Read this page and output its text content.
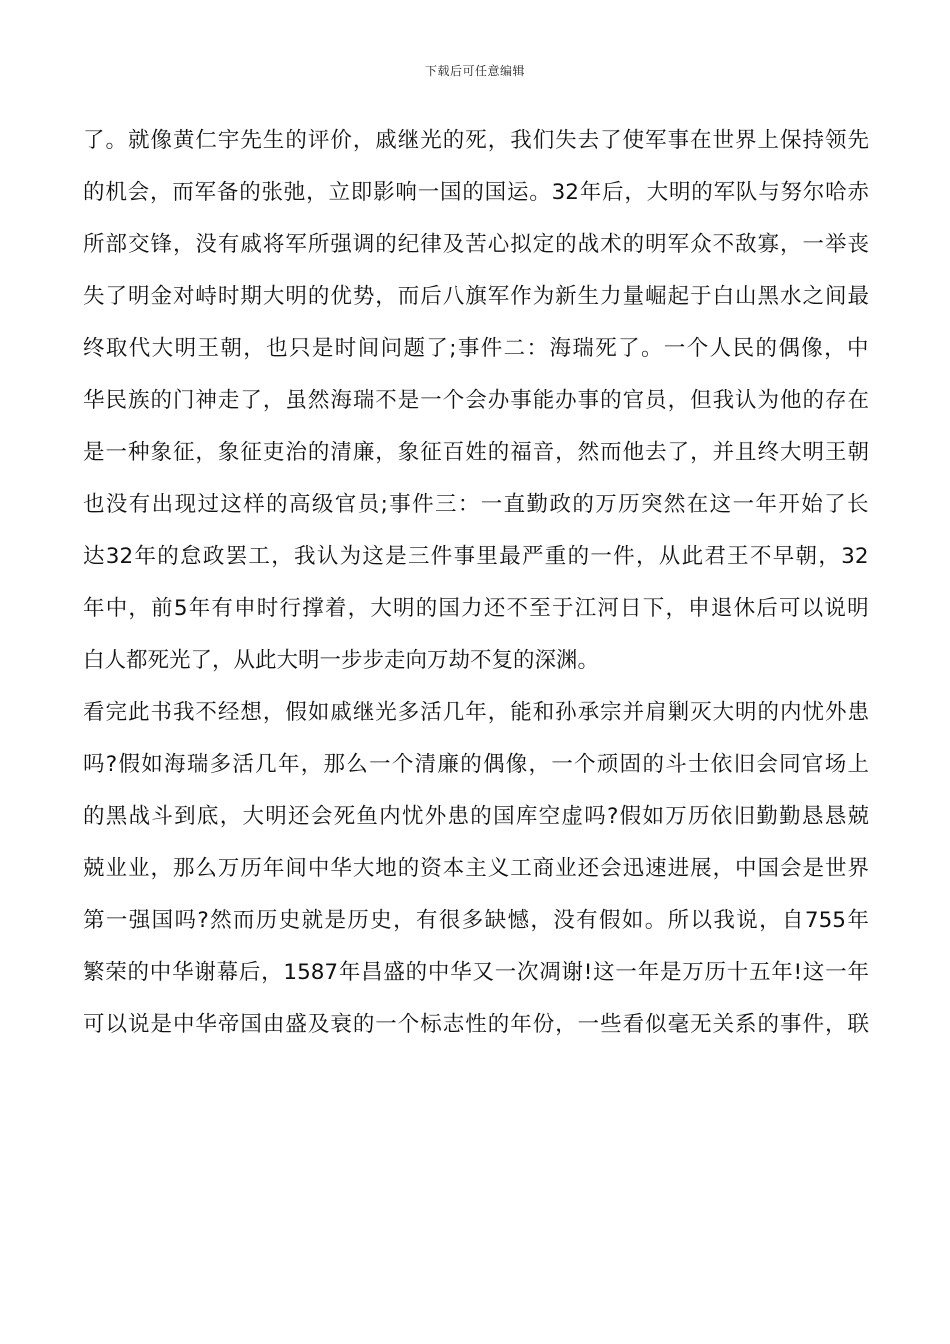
下载后可任意编辑
了 。 就 像 黄 仁 宇 先 生 的 评 价 ， 戚 继 光 的 死 ， 我 们 失 去 了 使 军 事 在 世 界 上 保 持 领 先
的 机 会 ， 而 军 备 的 张 弛 ， 立 即 影 响 一 国 的 国 运 。 32 年 后 ， 大 明 的 军 队 与 努 尔 哈 赤
所 部 交 锋 ， 没 有 戚 将 军 所 强 调 的 纪 律 及 苦 心 拟 定 的 战 术 的 明 军 众 不 敌 寡 ， 一 举 丧
失 了 明 金 对 峙 时 期 大 明 的 优 势 ， 而 后 八 旗 军 作 为 新 生 力 量 崛 起 于 白 山 黑 水 之 间 最
终 取 代 大 明 王 朝 ， 也 只 是 时 间 问 题 了 ; 事 件 二 ： 海 瑞 死 了 。 一 个 人 民 的 偶 像 ， 中
华 民 族 的 门 神 走 了 ， 虽 然 海 瑞 不 是 一 个 会 办 事 能 办 事 的 官 员 ， 但 我 认 为 他 的 存 在
是 一 种 象 征 ， 象 征 吏 治 的 清 廉 ， 象 征 百 姓 的 福 音 ， 然 而 他 去 了 ， 并 且 终 大 明 王 朝
也 没 有 出 现 过 这 样 的 高 级 官 员 ; 事 件 三 ： 一 直 勤 政 的 万 历 突 然 在 这 一 年 开 始 了 长
达 32 年 的 怠 政 罢 工 ， 我 认 为 这 是 三 件 事 里 最 严 重 的 一 件 ， 从 此 君 王 不 早 朝 ， 32
年 中 ， 前 5 年 有 申 时 行 撑 着 ， 大 明 的 国 力 还 不 至 于 江 河 日 下 ， 申 退 休 后 可 以 说 明
白人都死光了，从此大明一步步走向万劫不复的深渊。
看 完 此 书 我 不 经 想 ， 假 如 戚 继 光 多 活 几 年 ， 能 和 孙 承 宗 并 肩 剿 灭 大 明 的 内 忧 外 患
吗 ? 假 如 海 瑞 多 活 几 年 ， 那 么 一 个 清 廉 的 偶 像 ， 一 个 顽 固 的 斗 士 依 旧 会 同 官 场 上
的 黑 战 斗 到 底 ， 大 明 还 会 死 鱼 内 忧 外 患 的 国 库 空 虚 吗 ? 假 如 万 历 依 旧 勤 勤 恳 恳 兢
兢 业 业 ， 那 么 万 历 年 间 中 华 大 地 的 资 本 主 义 工 商 业 还 会 迅 速 进 展 ， 中 国 会 是 世 界
第 一 强 国 吗 ? 然 而 历 史 就 是 历 史 ， 有 很 多 缺 憾 ， 没 有 假 如 。 所 以 我 说 ， 自 755 年
繁 荣 的 中 华 谢 幕 后 ， 1587 年 昌 盛 的 中 华 又 一 次 凋 谢 ! 这 一 年 是 万 历 十 五 年 ! 这 一 年
可 以 说 是 中 华 帝 国 由 盛 及 衰 的 一 个 标 志 性 的 年 份 ， 一 些 看 似 毫 无 关 系 的 事 件 ， 联
